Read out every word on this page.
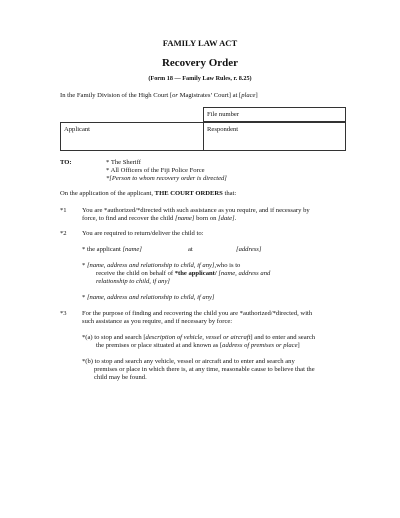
FAMILY LAW ACT
Recovery Order
(Form 18 — Family Law Rules, r. 8.25)
In the Family Division of the High Court [or Magistrates’ Court] at [place]
File number
Applicant	Respondent
TO:	* The Sheriff
* All Officers of the Fiji Police Force
*[Person to whom recovery order is directed]
On the application of the applicant, THE COURT ORDERS that:
*1 You are *authorized/*directed with such assistance as you require, and if necessary by
force, to find and recover the child [name] born on [date].
*2 You are required to return/deliver the child to:
* the applicant [name]	at	[address]
* [name, address and relationship to child, if any],who is to
receive the child on behalf of *the applicant/ [name, address and
relationship to child, if any]
* [name, address and relationship to child, if any]
*3 For the purpose of finding and recovering the child you are *authorized/*directed, with
such assistance as you require, and if necessary by force:
*(a) to stop and search [description of vehicle, vessel or aircraft] and to enter and search
the premises or place situated at and known as [address of premises or place]
*(b) to stop and search any vehicle, vessel or aircraft and to enter and search any
premises or place in which there is, at any time, reasonable cause to believe that the
child may be found.
